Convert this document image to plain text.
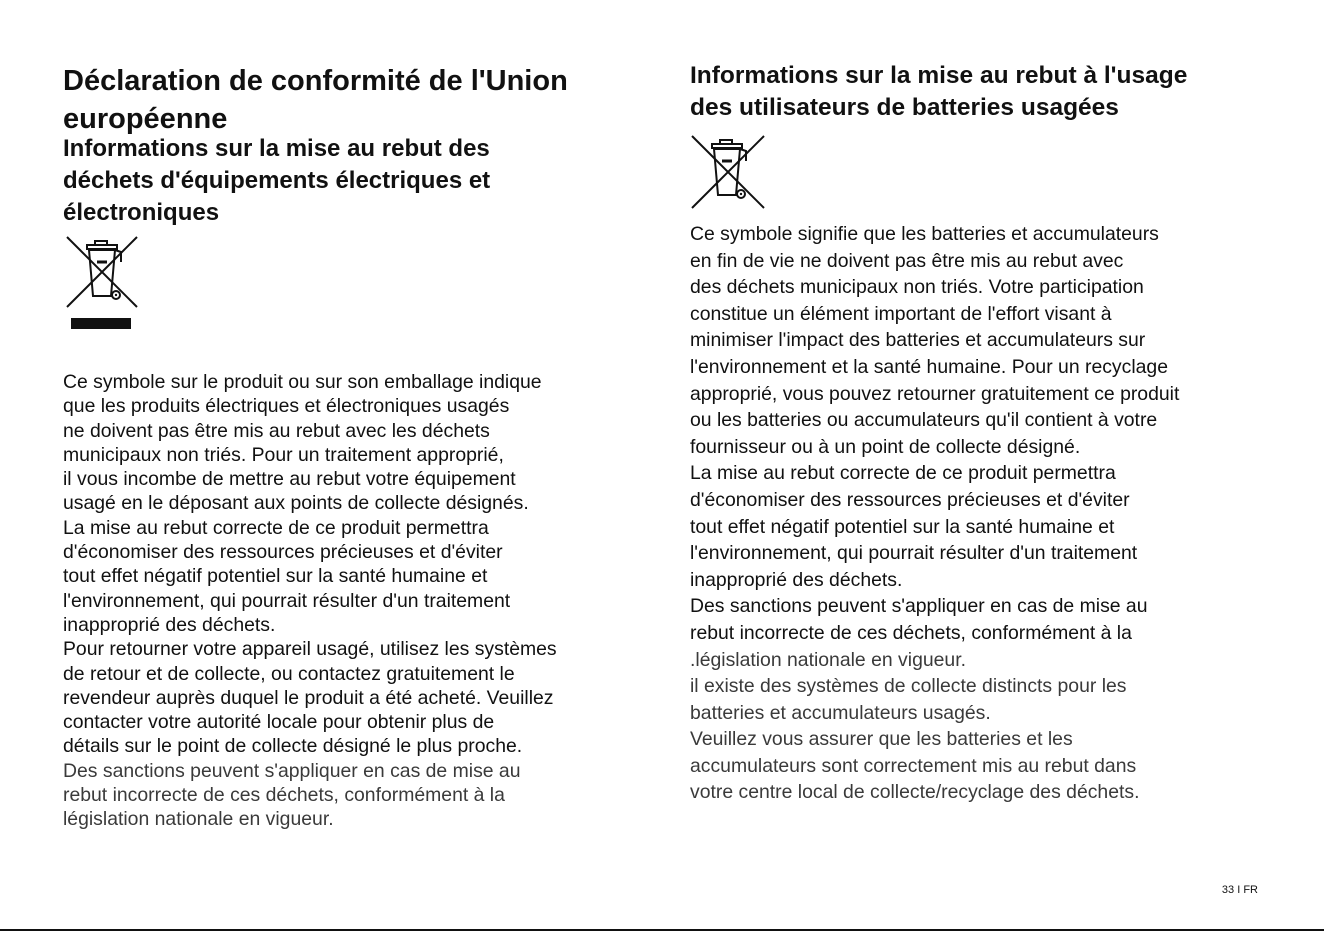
Déclaration de conformité de l'Union
européenne
Informations sur la mise au rebut des
déchets d'équipements électriques et
électroniques
Ce symbole sur le produit ou sur son emballage indique
que les produits électriques et électroniques usagés
ne doivent pas être mis au rebut avec les déchets
municipaux non triés. Pour un traitement approprié,
il vous incombe de mettre au rebut votre équipement
usagé en le déposant aux points de collecte désignés.
La mise au rebut correcte de ce produit permettra
d'économiser des ressources précieuses et d'éviter
tout effet négatif potentiel sur la santé humaine et
l'environnement, qui pourrait résulter d'un traitement
inapproprié des déchets.
Pour retourner votre appareil usagé, utilisez les systèmes
de retour et de collecte, ou contactez gratuitement le
revendeur auprès duquel le produit a été acheté. Veuillez
contacter votre autorité locale pour obtenir plus de
détails sur le point de collecte désigné le plus proche.
Des sanctions peuvent s'appliquer en cas de mise au
rebut incorrecte de ces déchets, conformément à la
législation nationale en vigueur.
Informations sur la mise au rebut à l'usage
des utilisateurs de batteries usagées
Ce symbole signifie que les batteries et accumulateurs
en fin de vie ne doivent pas être mis au rebut avec
des déchets municipaux non triés. Votre participation
constitue un élément important de l'effort visant à
minimiser l'impact des batteries et accumulateurs sur
l'environnement et la santé humaine. Pour un recyclage
approprié, vous pouvez retourner gratuitement ce produit
ou les batteries ou accumulateurs qu'il contient à votre
fournisseur ou à un point de collecte désigné.
La mise au rebut correcte de ce produit permettra
d'économiser des ressources précieuses et d'éviter
tout effet négatif potentiel sur la santé humaine et
l'environnement, qui pourrait résulter d'un traitement
inapproprié des déchets.
Des sanctions peuvent s'appliquer en cas de mise au
rebut incorrecte de ces déchets, conformément à la
.législation nationale en vigueur.
il existe des systèmes de collecte distincts pour les
batteries et accumulateurs usagés.
Veuillez vous assurer que les batteries et les
accumulateurs sont correctement mis au rebut dans
votre centre local de collecte/recyclage des déchets.
33 I FR
